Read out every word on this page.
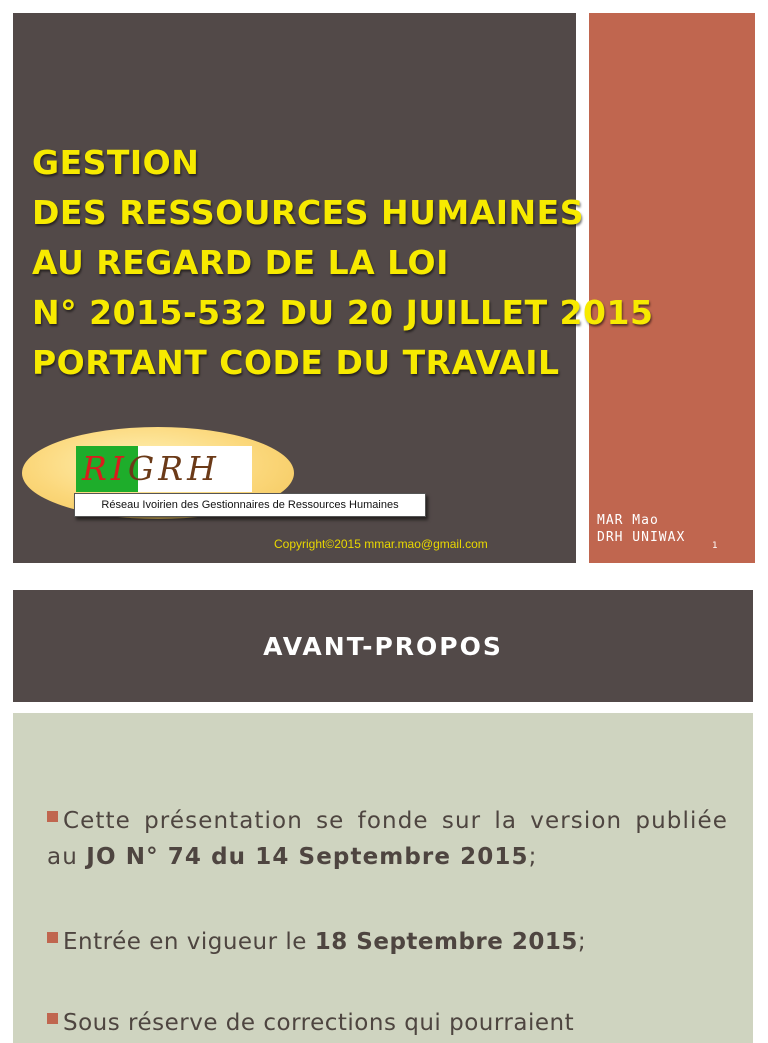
GESTION
DES RESSOURCES HUMAINES
AU REGARD DE LA LOI
N° 2015-532 DU 20 JUILLET 2015
PORTANT CODE DU TRAVAIL
RIGRH
Réseau Ivoirien des Gestionnaires de Ressources Humaines
Copyright©2015 mmar.mao@gmail.com
MAR Mao
DRH UNIWAX
1
AVANT-PROPOS

Cette présentation se fonde sur la version publiée au JO N° 74 du 14 Septembre 2015;

Entrée en vigueur le 18 Septembre 2015;

Sous réserve de corrections qui pourraient
